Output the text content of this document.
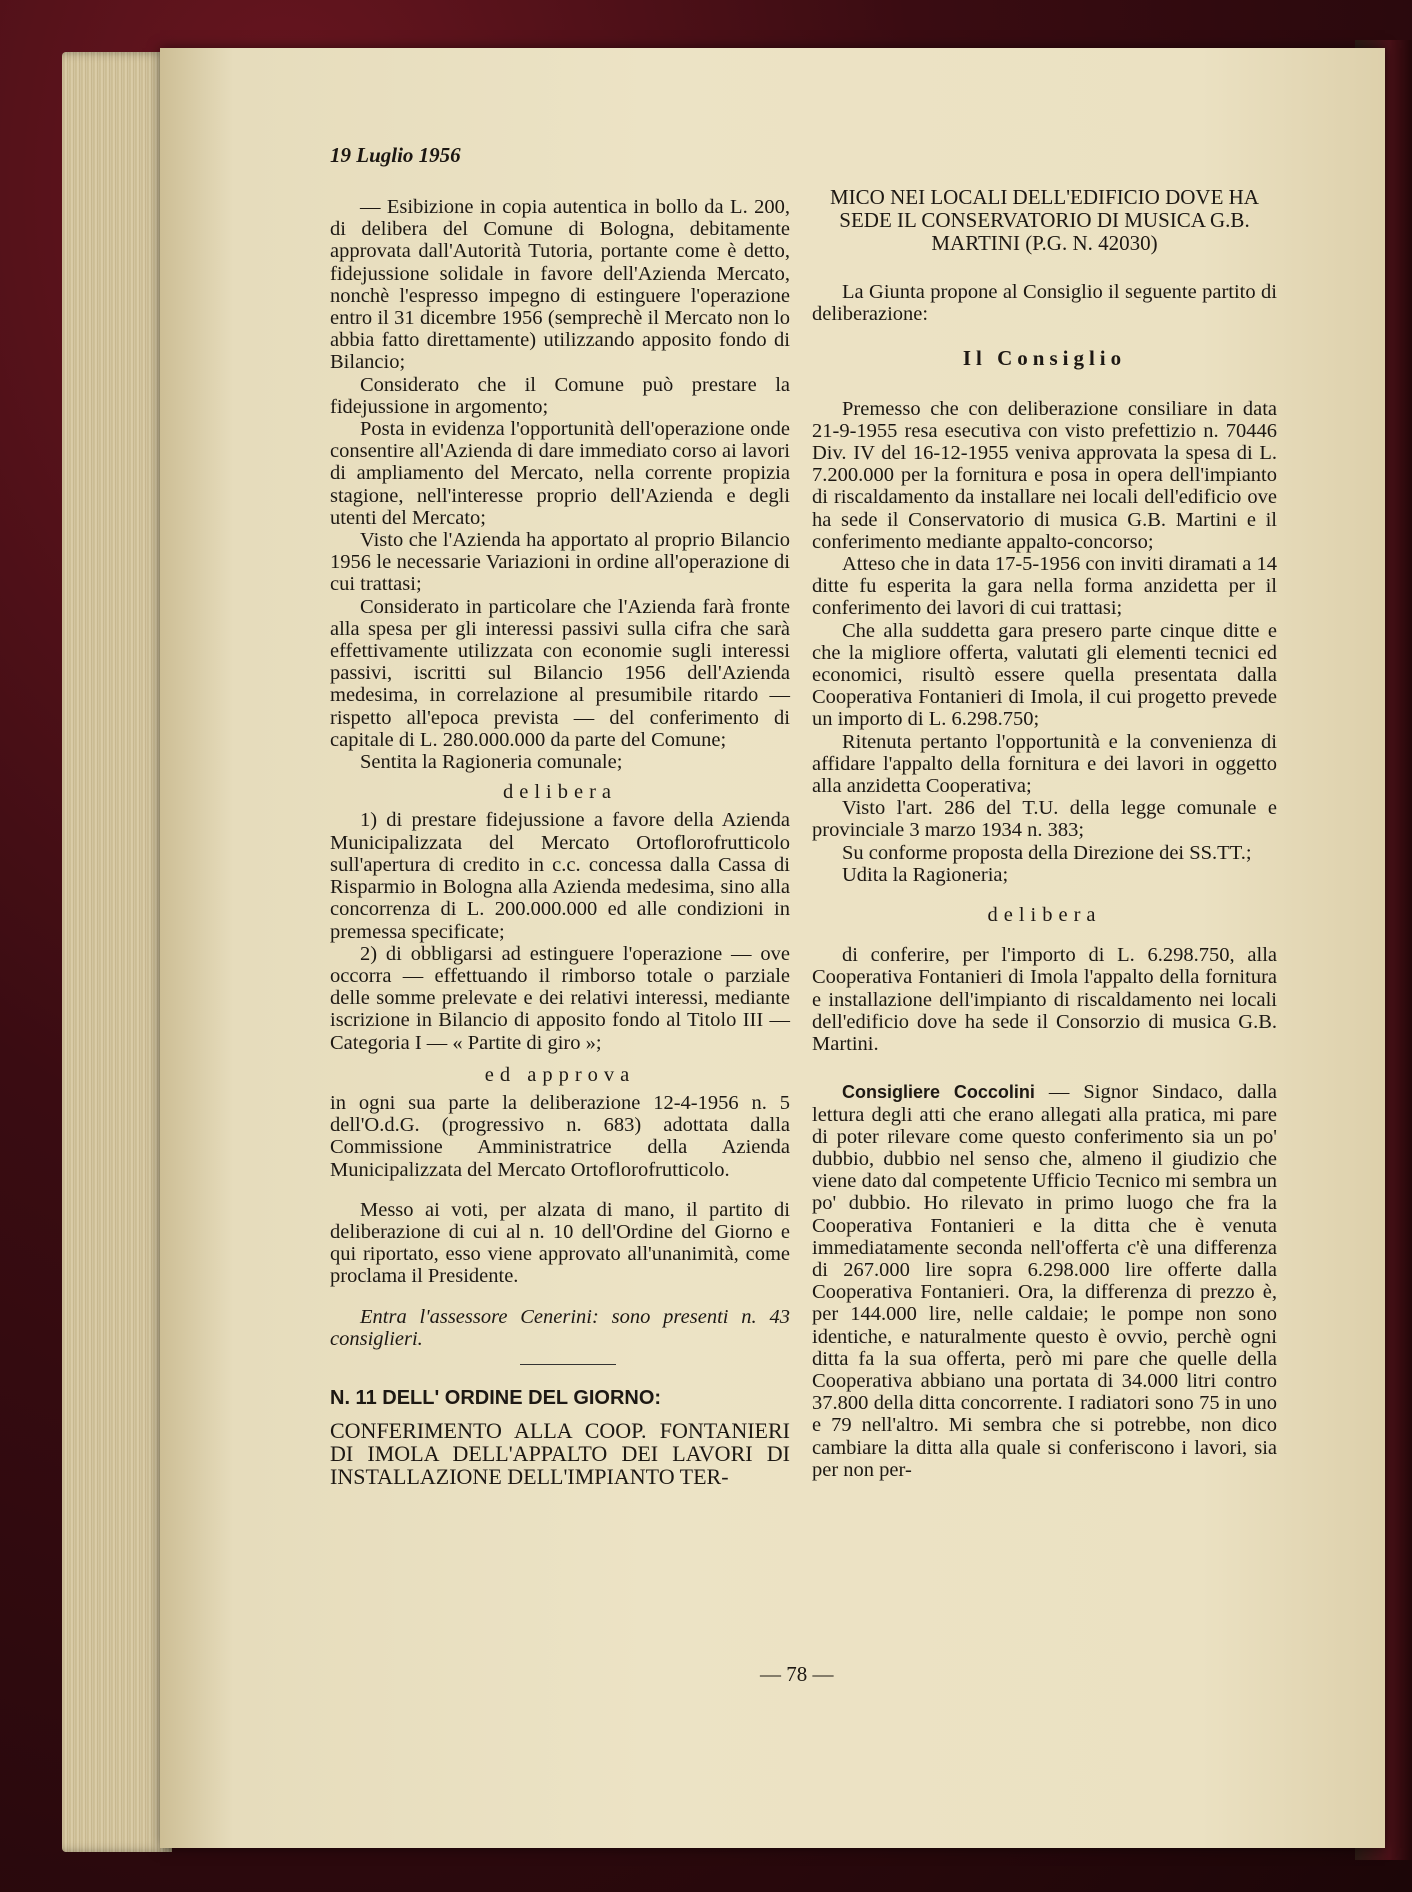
19 Luglio 1956

— Esibizione in copia autentica in bollo da L. 200, di delibera del Comune di Bologna, debitamente approvata dall'Autorità Tutoria, portante come è detto, fidejussione solidale in favore dell'Azienda Mercato, nonchè l'espresso impegno di estinguere l'operazione entro il 31 dicembre 1956 (semprechè il Mercato non lo abbia fatto direttamente) utilizzando apposito fondo di Bilancio;

Considerato che il Comune può prestare la fidejussione in argomento;

Posta in evidenza l'opportunità dell'operazione onde consentire all'Azienda di dare immediato corso ai lavori di ampliamento del Mercato, nella corrente propizia stagione, nell'interesse proprio dell'Azienda e degli utenti del Mercato;

Visto che l'Azienda ha apportato al proprio Bilancio 1956 le necessarie Variazioni in ordine all'operazione di cui trattasi;

Considerato in particolare che l'Azienda farà fronte alla spesa per gli interessi passivi sulla cifra che sarà effettivamente utilizzata con economie sugli interessi passivi, iscritti sul Bilancio 1956 dell'Azienda medesima, in correlazione al presumibile ritardo — rispetto all'epoca prevista — del conferimento di capitale di L. 280.000.000 da parte del Comune;

Sentita la Ragioneria comunale;

delibera

1) di prestare fidejussione a favore della Azienda Municipalizzata del Mercato Ortoflorofrutticolo sull'apertura di credito in c.c. concessa dalla Cassa di Risparmio in Bologna alla Azienda medesima, sino alla concorrenza di L. 200.000.000 ed alle condizioni in premessa specificate;

2) di obbligarsi ad estinguere l'operazione — ove occorra — effettuando il rimborso totale o parziale delle somme prelevate e dei relativi interessi, mediante iscrizione in Bilancio di apposito fondo al Titolo III — Categoria I — « Partite di giro »;

ed approva

in ogni sua parte la deliberazione 12-4-1956 n. 5 dell'O.d.G. (progressivo n. 683) adottata dalla Commissione Amministratrice della Azienda Municipalizzata del Mercato Ortoflorofrutticolo.

Messo ai voti, per alzata di mano, il partito di deliberazione di cui al n. 10 dell'Ordine del Giorno e qui riportato, esso viene approvato all'unanimità, come proclama il Presidente.

Entra l'assessore Cenerini: sono presenti n. 43 consiglieri.

N. 11 DELL' ORDINE DEL GIORNO:

CONFERIMENTO ALLA COOP. FONTANIERI DI IMOLA DELL'APPALTO DEI LAVORI DI INSTALLAZIONE DELL'IMPIANTO TER-

MICO NEI LOCALI DELL'EDIFICIO DOVE HA SEDE IL CONSERVATORIO DI MUSICA G.B. MARTINI (P.G. N. 42030)

La Giunta propone al Consiglio il seguente partito di deliberazione:

Il Consiglio

Premesso che con deliberazione consiliare in data 21-9-1955 resa esecutiva con visto prefettizio n. 70446 Div. IV del 16-12-1955 veniva approvata la spesa di L. 7.200.000 per la fornitura e posa in opera dell'impianto di riscaldamento da installare nei locali dell'edificio ove ha sede il Conservatorio di musica G.B. Martini e il conferimento mediante appalto-concorso;

Atteso che in data 17-5-1956 con inviti diramati a 14 ditte fu esperita la gara nella forma anzidetta per il conferimento dei lavori di cui trattasi;

Che alla suddetta gara presero parte cinque ditte e che la migliore offerta, valutati gli elementi tecnici ed economici, risultò essere quella presentata dalla Cooperativa Fontanieri di Imola, il cui progetto prevede un importo di L. 6.298.750;

Ritenuta pertanto l'opportunità e la convenienza di affidare l'appalto della fornitura e dei lavori in oggetto alla anzidetta Cooperativa;

Visto l'art. 286 del T.U. della legge comunale e provinciale 3 marzo 1934 n. 383;

Su conforme proposta della Direzione dei SS.TT.;

Udita la Ragioneria;

delibera

di conferire, per l'importo di L. 6.298.750, alla Cooperativa Fontanieri di Imola l'appalto della fornitura e installazione dell'impianto di riscaldamento nei locali dell'edificio dove ha sede il Consorzio di musica G.B. Martini.

Consigliere Coccolini — Signor Sindaco, dalla lettura degli atti che erano allegati alla pratica, mi pare di poter rilevare come questo conferimento sia un po' dubbio, dubbio nel senso che, almeno il giudizio che viene dato dal competente Ufficio Tecnico mi sembra un po' dubbio. Ho rilevato in primo luogo che fra la Cooperativa Fontanieri e la ditta che è venuta immediatamente seconda nell'offerta c'è una differenza di 267.000 lire sopra 6.298.000 lire offerte dalla Cooperativa Fontanieri. Ora, la differenza di prezzo è, per 144.000 lire, nelle caldaie; le pompe non sono identiche, e naturalmente questo è ovvio, perchè ogni ditta fa la sua offerta, però mi pare che quelle della Cooperativa abbiano una portata di 34.000 litri contro 37.800 della ditta concorrente. I radiatori sono 75 in uno e 79 nell'altro. Mi sembra che si potrebbe, non dico cambiare la ditta alla quale si conferiscono i lavori, sia per non per-

— 78 —
